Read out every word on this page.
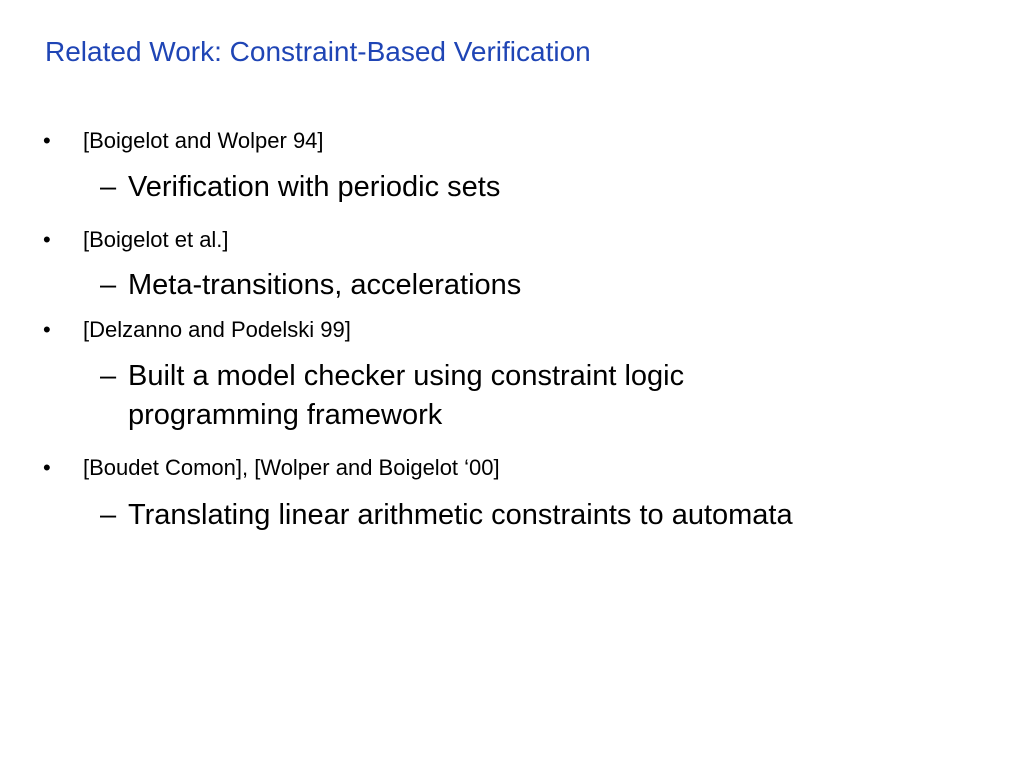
Related Work: Constraint-Based Verification
•	[Boigelot and Wolper 94]
– Verification with periodic sets
•	[Boigelot et al.]
– Meta-transitions, accelerations
•	[Delzanno and Podelski 99]
– Built a model checker using constraint logic
programming framework
•	[Boudet Comon], [Wolper and Boigelot ‘00]
– Translating linear arithmetic constraints to automata
